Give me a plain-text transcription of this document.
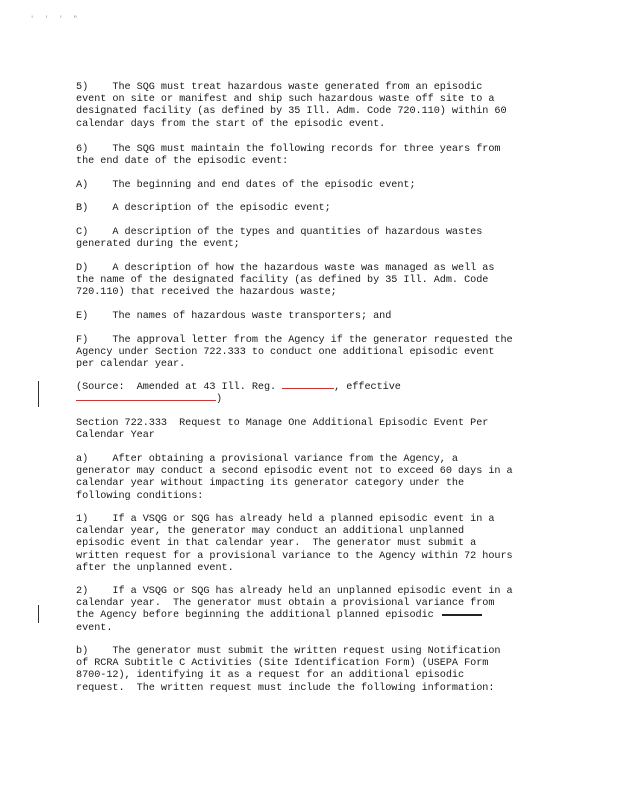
' ' ' "
5)    The SQG must treat hazardous waste generated from an episodic
event on site or manifest and ship such hazardous waste off site to a
designated facility (as defined by 35 Ill. Adm. Code 720.110) within 60
calendar days from the start of the episodic event.
6)    The SQG must maintain the following records for three years from
the end date of the episodic event:
A)    The beginning and end dates of the episodic event;
B)    A description of the episodic event;
C)    A description of the types and quantities of hazardous wastes
generated during the event;
D)    A description of how the hazardous waste was managed as well as
the name of the designated facility (as defined by 35 Ill. Adm. Code
720.110) that received the hazardous waste;
E)    The names of hazardous waste transporters; and
F)    The approval letter from the Agency if the generator requested the
Agency under Section 722.333 to conduct one additional episodic event
per calendar year.
(Source:  Amended at 43 Ill. Reg.	, effective
)
Section 722.333  Request to Manage One Additional Episodic Event Per
Calendar Year
a)    After obtaining a provisional variance from the Agency, a
generator may conduct a second episodic event not to exceed 60 days in a
calendar year without impacting its generator category under the
following conditions:
1)    If a VSQG or SQG has already held a planned episodic event in a
calendar year, the generator may conduct an additional unplanned
episodic event in that calendar year.  The generator must submit a
written request for a provisional variance to the Agency within 72 hours
after the unplanned event.
2)    If a VSQG or SQG has already held an unplanned episodic event in a
calendar year.  The generator must obtain a provisional variance from
the Agency before beginning the additional planned episodic
event.
b)    The generator must submit the written request using Notification
of RCRA Subtitle C Activities (Site Identification Form) (USEPA Form
8700-12), identifying it as a request for an additional episodic
request.  The written request must include the following information:
